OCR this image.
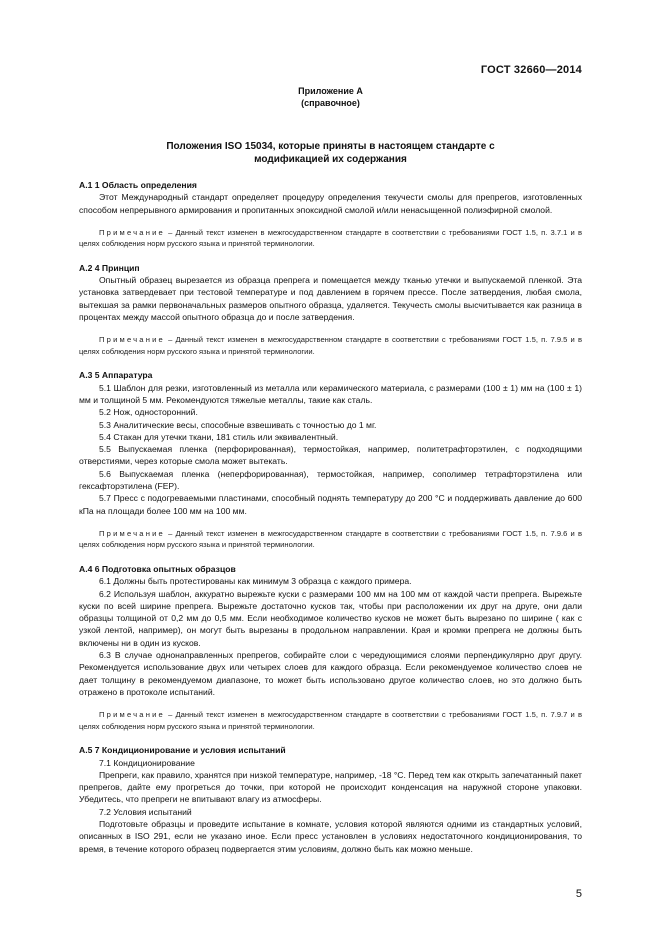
ГОСТ 32660—2014
Приложение А
(справочное)
Положения ISO 15034, которые приняты в настоящем стандарте с
модификацией их содержания
А.1 1 Область определения

Этот Международный стандарт определяет процедуру определения текучести смолы для препрегов, изготовленных способом непрерывного армирования и пропитанных эпоксидной смолой и/или ненасыщенной полиэфирной смолой.

Примечание – Данный текст изменен в межгосударственном стандарте в соответствии с требованиями ГОСТ 1.5, п. 3.7.1 и в целях соблюдения норм русского языка и принятой терминологии.
А.2 4 Принцип

Опытный образец вырезается из образца препрега и помещается между тканью утечки и выпускаемой пленкой. Эта установка затвердевает при тестовой температуре и под давлением в горячем прессе. После затвердения, любая смола, вытекшая за рамки первоначальных размеров опытного образца, удаляется. Текучесть смолы высчитывается как разница в процентах между массой опытного образца до и после затвердения.

Примечание – Данный текст изменен в межгосударственном стандарте в соответствии с требованиями ГОСТ 1.5, п. 7.9.5 и в целях соблюдения норм русского языка и принятой терминологии.
А.3 5 Аппаратура

5.1 Шаблон для резки, изготовленный из металла или керамического материала, с размерами (100 ± 1) мм на (100 ± 1) мм и толщиной 5 мм. Рекомендуются тяжелые металлы, такие как сталь.

5.2 Нож, односторонний.

5.3 Аналитические весы, способные взвешивать с точностью до 1 мг.

5.4 Стакан для утечки ткани, 181 стиль или эквивалентный.

5.5 Выпускаемая пленка (перфорированная), термостойкая, например, политетрафторэтилен, с подходящими отверстиями, через которые смола может вытекать.

5.6 Выпускаемая пленка (неперфорированная), термостойкая, например, сополимер тетрафторэтилена или гексафторэтилена (FEP).

5.7 Пресс с подогреваемыми пластинами, способный поднять температуру до 200 °С и поддерживать давление до 600 кПа на площади более 100 мм на 100 мм.

Примечание – Данный текст изменен в межгосударственном стандарте в соответствии с требованиями ГОСТ 1.5, п. 7.9.6 и в целях соблюдения норм русского языка и принятой терминологии.
А.4 6 Подготовка опытных образцов

6.1 Должны быть протестированы как минимум 3 образца с каждого примера.

6.2 Используя шаблон, аккуратно вырежьте куски с размерами 100 мм на 100 мм от каждой части препрега. Вырежьте куски по всей ширине препрега. Вырежьте достаточно кусков так, чтобы при расположении их друг на друге, они дали образцы толщиной от 0,2 мм до 0,5 мм. Если необходимое количество кусков не может быть вырезано по ширине ( как с узкой лентой, например), он могут быть вырезаны в продольном направлении. Края и кромки препрега не должны быть включены ни в один из кусков.

6.3 В случае однонаправленных препрегов, собирайте слои с чередующимися слоями перпендикулярно друг другу. Рекомендуется использование двух или четырех слоев для каждого образца. Если рекомендуемое количество слоев не дает толщину в рекомендуемом диапазоне, то может быть использовано другое количество слоев, но это должно быть отражено в протоколе испытаний.

Примечание – Данный текст изменен в межгосударственном стандарте в соответствии с требованиями ГОСТ 1.5, п. 7.9.7 и в целях соблюдения норм русского языка и принятой терминологии.
А.5 7 Кондиционирование и условия испытаний

7.1 Кондиционирование

Препреги, как правило, хранятся при низкой температуре, например, -18 °С. Перед тем как открыть запечатанный пакет препрегов, дайте ему прогреться до точки, при которой не происходит конденсация на наружной стороне упаковки. Убедитесь, что препреги не впитывают влагу из атмосферы.

7.2 Условия испытаний

Подготовьте образцы и проведите испытание в комнате, условия которой являются одними из стандартных условий, описанных в ISO 291, если не указано иное. Если пресс установлен в условиях недостаточного кондиционирования, то время, в течение которого образец подвергается этим условиям, должно быть как можно меньше.

5
